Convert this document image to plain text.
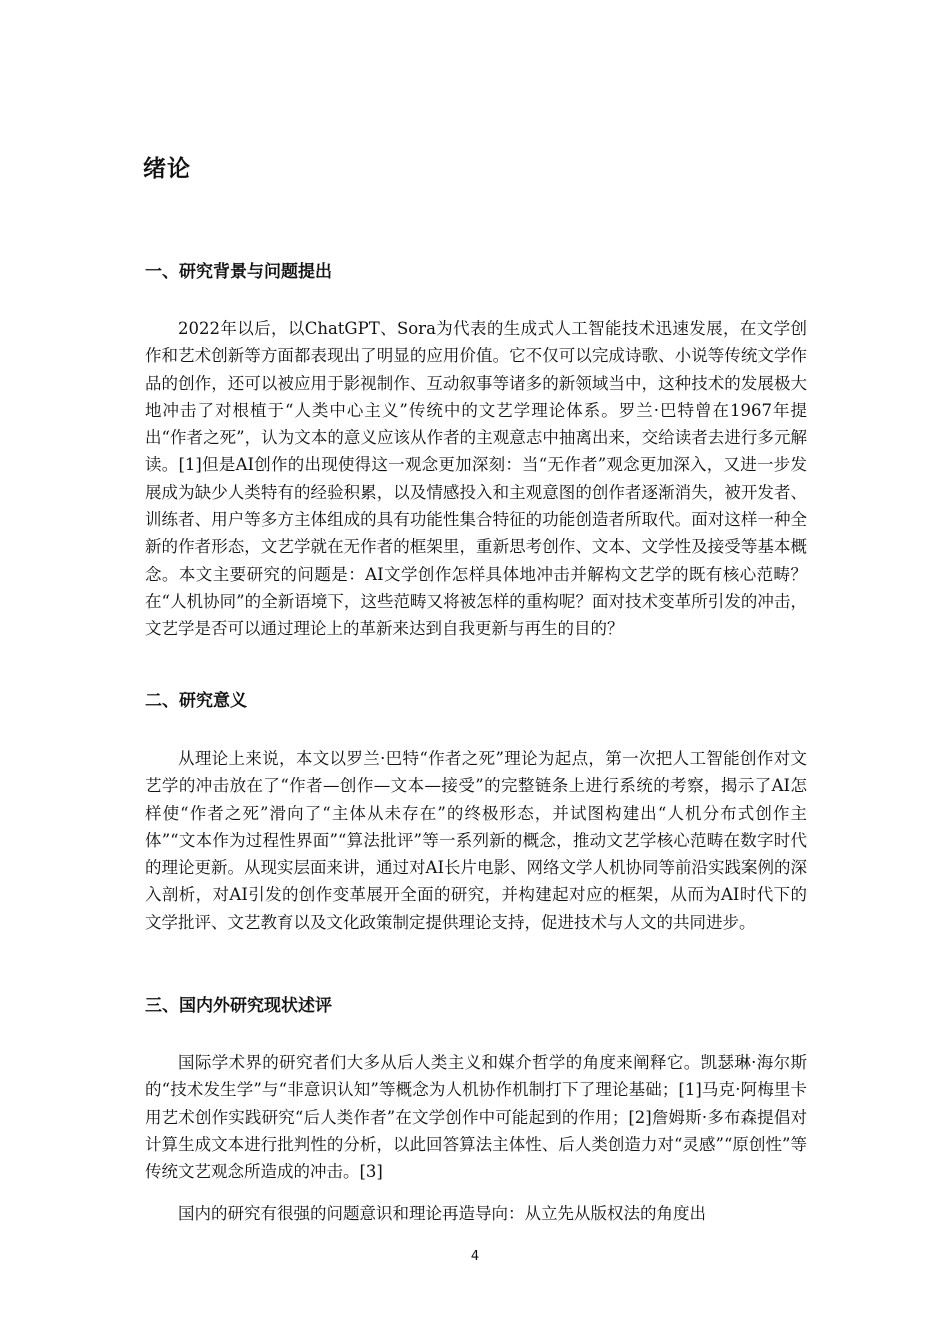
绪论
一、研究背景与问题提出

2022年以后，以ChatGPT、Sora为代表的生成式人工智能技术迅速发展，在文学创作和艺术创新等方面都表现出了明显的应用价值。它不仅可以完成诗歌、小说等传统文学作品的创作，还可以被应用于影视制作、互动叙事等诸多的新领域当中，这种技术的发展极大地冲击了对根植于“人类中心主义”传统中的文艺学理论体系。罗兰·巴特曾在1967年提出“作者之死”，认为文本的意义应该从作者的主观意志中抽离出来，交给读者去进行多元解读。[1]但是AI创作的出现使得这一观念更加深刻：当“无作者”观念更加深入，又进一步发展成为缺少人类特有的经验积累，以及情感投入和主观意图的创作者逐渐消失，被开发者、训练者、用户等多方主体组成的具有功能性集合特征的功能创造者所取代。面对这样一种全新的作者形态，文艺学就在无作者的框架里，重新思考创作、文本、文学性及接受等基本概念。本文主要研究的问题是：AI文学创作怎样具体地冲击并解构文艺学的既有核心范畴？在“人机协同”的全新语境下，这些范畴又将被怎样的重构呢？面对技术变革所引发的冲击，文艺学是否可以通过理论上的革新来达到自我更新与再生的目的？

二、研究意义

从理论上来说，本文以罗兰·巴特“作者之死”理论为起点，第一次把人工智能创作对文艺学的冲击放在了“作者—创作—文本—接受”的完整链条上进行系统的考察，揭示了AI怎样使“作者之死”滑向了“主体从未存在”的终极形态，并试图构建出“人机分布式创作主体”“文本作为过程性界面”“算法批评”等一系列新的概念，推动文艺学核心范畴在数字时代的理论更新。从现实层面来讲，通过对AI长片电影、网络文学人机协同等前沿实践案例的深入剖析，对AI引发的创作变革展开全面的研究，并构建起对应的框架，从而为AI时代下的文学批评、文艺教育以及文化政策制定提供理论支持，促进技术与人文的共同进步。

三、国内外研究现状述评

国际学术界的研究者们大多从后人类主义和媒介哲学的角度来阐释它。凯瑟琳·海尔斯的“技术发生学”与“非意识认知”等概念为人机协作机制打下了理论基础；[1]马克·阿梅里卡用艺术创作实践研究“后人类作者”在文学创作中可能起到的作用；[2]詹姆斯·多布森提倡对计算生成文本进行批判性的分析，以此回答算法主体性、后人类创造力对“灵感”“原创性”等传统文艺观念所造成的冲击。[3]

国内的研究有很强的问题意识和理论再造导向：从立先从版权法的角度出

4
